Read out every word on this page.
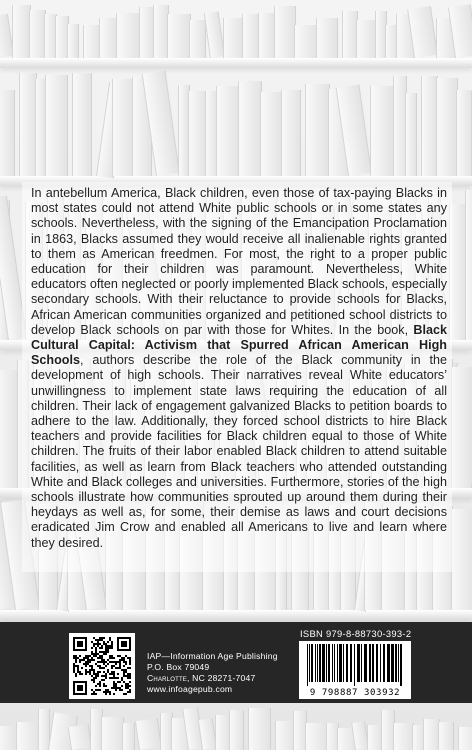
In antebellum America, Black children, even those of tax-paying Blacks in most states could not attend White public schools or in some states any schools. Nevertheless, with the signing of the Emancipation Proclamation in 1863, Blacks assumed they would receive all inalienable rights granted to them as American freedmen. For most, the right to a proper public education for their children was paramount. Nevertheless, White educators often neglected or poorly implemented Black schools, especially secondary schools. With their reluctance to provide schools for Blacks, African American communities organized and petitioned school districts to develop Black schools on par with those for Whites. In the book, Black Cultural Capital: Activism that Spurred African American High Schools, authors describe the role of the Black community in the development of high schools. Their narratives reveal White educators’ unwillingness to implement state laws requiring the education of all children. Their lack of engagement galvanized Blacks to petition boards to adhere to the law. Additionally, they forced school districts to hire Black teachers and provide facilities for Black children equal to those of White children. The fruits of their labor enabled Black children to attend suitable facilities, as well as learn from Black teachers who attended outstanding White and Black colleges and universities. Furthermore, stories of the high schools illustrate how communities sprouted up around them during their heydays as well as, for some, their demise as laws and court decisions eradicated Jim Crow and enabled all Americans to live and learn where they desired.
IAP—Information Age Publishing
P.O. Box 79049
Charlotte, NC 28271-7047
www.infoagepub.com
ISBN 979-8-88730-393-2
9 798887 303932
